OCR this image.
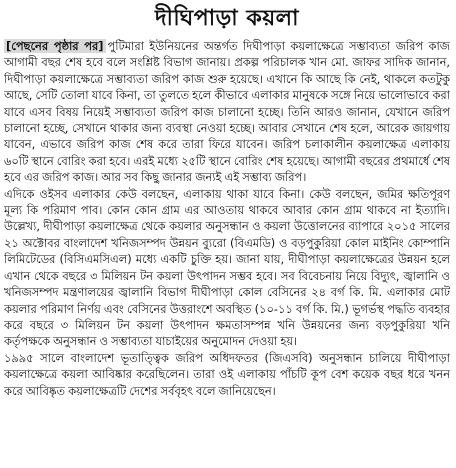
দীঘিপাড়া কয়লা

[পেছনের পৃষ্ঠার পর] পুটিমারা ইউনিয়নের অন্তর্গত দিঘীপাড়া কয়লাক্ষেত্রে সম্ভাব্যতা জরিপ কাজ আগামী বছর শেষ হবে বলে সংশ্লিষ্ট বিভাগ জানায়। প্রকল্প পরিচালক খান মো. জাফর সাদিক জানান, দিঘীপাড়া কয়লাক্ষেত্রে সম্ভাব্যতা জরিপ কাজ শুরু হয়েছে। এখানে কি আছে কি নেই, থাকলে কতটুকু আছে, সেটি তোলা যাবে কিনা, তা তুলতে হলে কীভাবে এলাকার মানুষকে সঙ্গে নিয়ে ভালোভাবে করা যাবে এসব বিষয় নিয়েই সম্ভাব্যতা জরিপ কাজ চালানো হচ্ছে। তিনি আরও জানান, যেখানে জরিপ চালানো হচ্ছে, সেখানে থাকার জন্য ব্যবস্থা নেওয়া হচ্ছে। আবার সেখানে শেষ হলে, আরেক জায়গায় যাবেন, এভাবে জরিপ কাজ শেষ করে তারা ফিরে যাবেন। জরিপ চলাকালীন কয়লাক্ষেত্র এলাকায় ৬০টি স্থানে বোরিং করা হবে। এরই মধ্যে ২৫টি স্থানে বোরিং শেষ হয়েছে। আগামী বছরের প্রথমার্ধে শেষ হবে এর জরিপ কাজ। আর সব কিছু জানার জন্যই এই সম্ভাব্য জরিপ।

এদিকে ওইসব এলাকার কেউ বলছেন, এলাকায় থাকা যাবে কিনা। কেউ বলছেন, জমির ক্ষতিপূরণ মূল্য কি পরিমাণ পাব। কোন কোন গ্রাম এর আওতায় থাকবে আবার কোন গ্রাম থাকবে না ইত্যাদি। উল্লেখ্য, দীঘীপাড়া কয়লাক্ষেত্র থেকে কয়লার অনুসন্ধান ও কয়লা উত্তোলনের ব্যাপারে ২০১৫ সালের ২১ অক্টোবর বাংলাদেশ খনিজসম্পদ উন্নয়ন ব্যুরো (বিএমডি) ও বড়পুকুরিয়া কোল মাইনিং কোম্পানি লিমিটেডের (বিসিএমসিএল) মধ্যে একটি চুক্তি হয়। জানা যায়, দীঘীপাড়া কয়লাক্ষেত্রের উন্নয়ন হলে এখান থেকে বছরে ৩ মিলিয়ন টন কয়লা উৎপাদন সম্ভব হবে। সব বিবেচনায় নিয়ে বিদ্যুৎ, জ্বালানি ও খনিজসম্পদ মন্ত্রণালয়ের জ্বালানি বিভাগ দীঘীপাড়া কোল বেসিনের ২৪ বর্গ কি. মি. এলাকার মোট কয়লার পরিমাণ নির্ণয় এবং বেসিনের উত্তরাংশে অবস্থিত (১০-১১ বর্গ কি. মি.) ভূগর্ভস্থ পদ্ধতি ব্যবহার করে বছরে ৩ মিলিয়ন টন কয়লা উৎপাদন ক্ষমতাসম্পন্ন খনি উন্নয়নের জন্য বড়পুকুরিয়া খনি কর্তৃপক্ষকে অনুসন্ধান ও সম্ভাব্যতা যাচাইয়ের অনুমোদন দেওয়া হয়।

১৯৯৫ সালে বাংলাদেশ ভূতাত্ত্বিক জরিপ অধিদফতর (জিএসবি) অনুসন্ধান চালিয়ে দীঘীপাড়া কয়লাক্ষেত্রে কয়লা আবিষ্কার করেছিলেন। তারা ওই এলাকায় পাঁচটি কূপ বেশ কয়েক বছর ধরে খনন করে আবিষ্কৃত কয়লাক্ষেত্রটি দেশের সর্ববৃহৎ বলে জানিয়েছেন।
